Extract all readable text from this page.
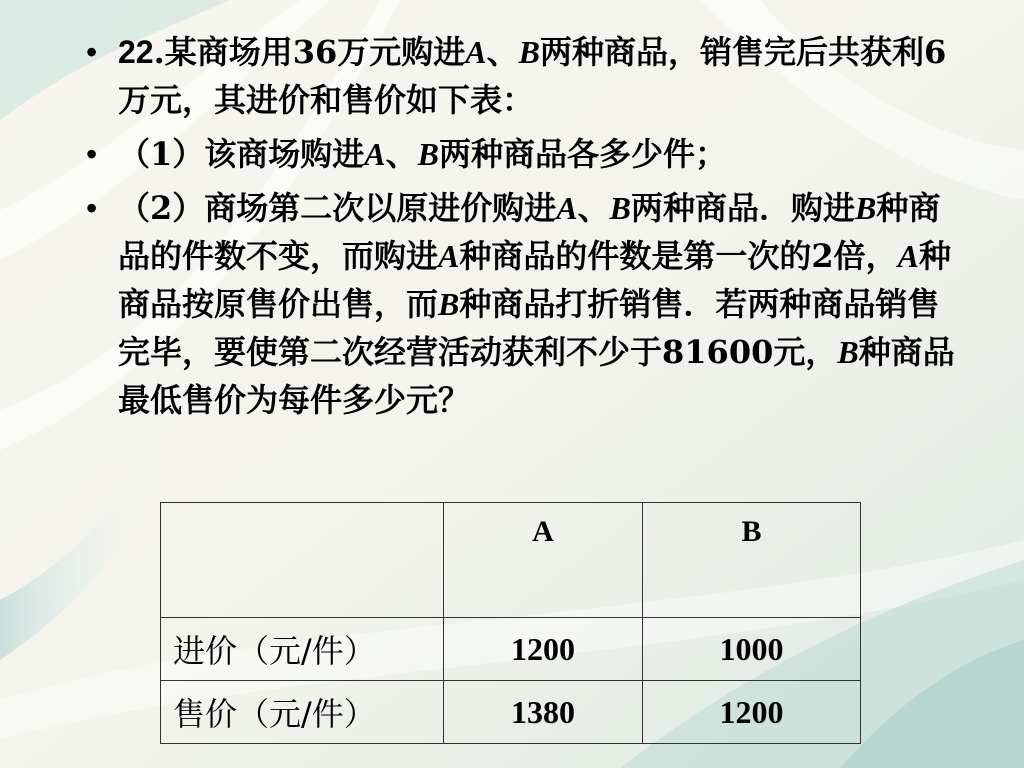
• 22.某商场用36万元购进A、B两种商品，销售完后共获利6万元，其进价和售价如下表：
• （1）该商场购进A、B两种商品各多少件；
• （2）商场第二次以原进价购进A、B两种商品．购进B种商品的件数不变，而购进A种商品的件数是第一次的2倍，A种商品按原售价出售，而B种商品打折销售．若两种商品销售完毕，要使第二次经营活动获利不少于81600元，B种商品最低售价为每件多少元？
	A	B
进价（元/件）	1200	1000
售价（元/件）	1380	1200
